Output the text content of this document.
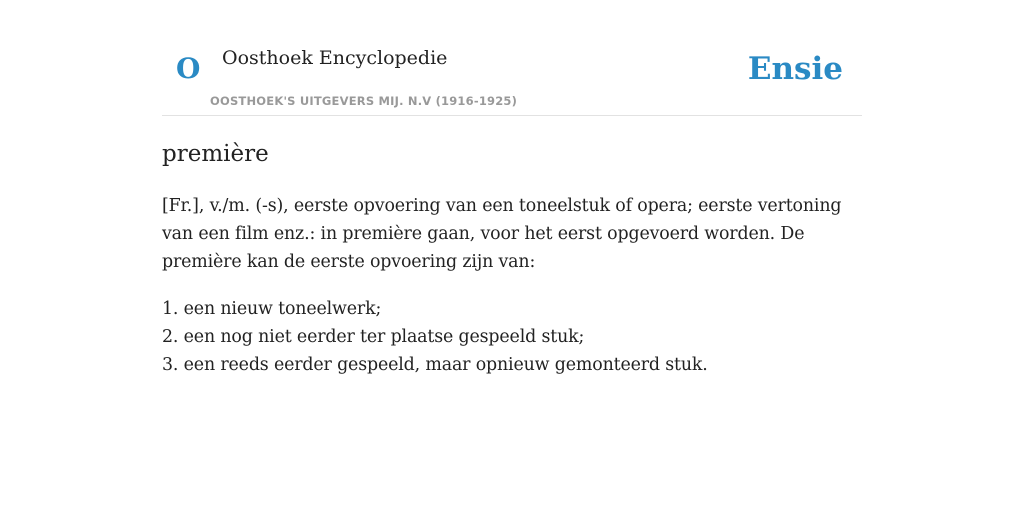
O Oosthoek Encyclopedie
OOSTHOEK'S UITGEVERS MIJ. N.V (1916-1925)
Ensie
première

[Fr.], v./m. (-s), eerste opvoering van een toneelstuk of opera; eerste vertoning van een film enz.: in première gaan, voor het eerst opgevoerd worden. De première kan de eerste opvoering zijn van:

1. een nieuw toneelwerk;
2. een nog niet eerder ter plaatse gespeeld stuk;
3. een reeds eerder gespeeld, maar opnieuw gemonteerd stuk.
